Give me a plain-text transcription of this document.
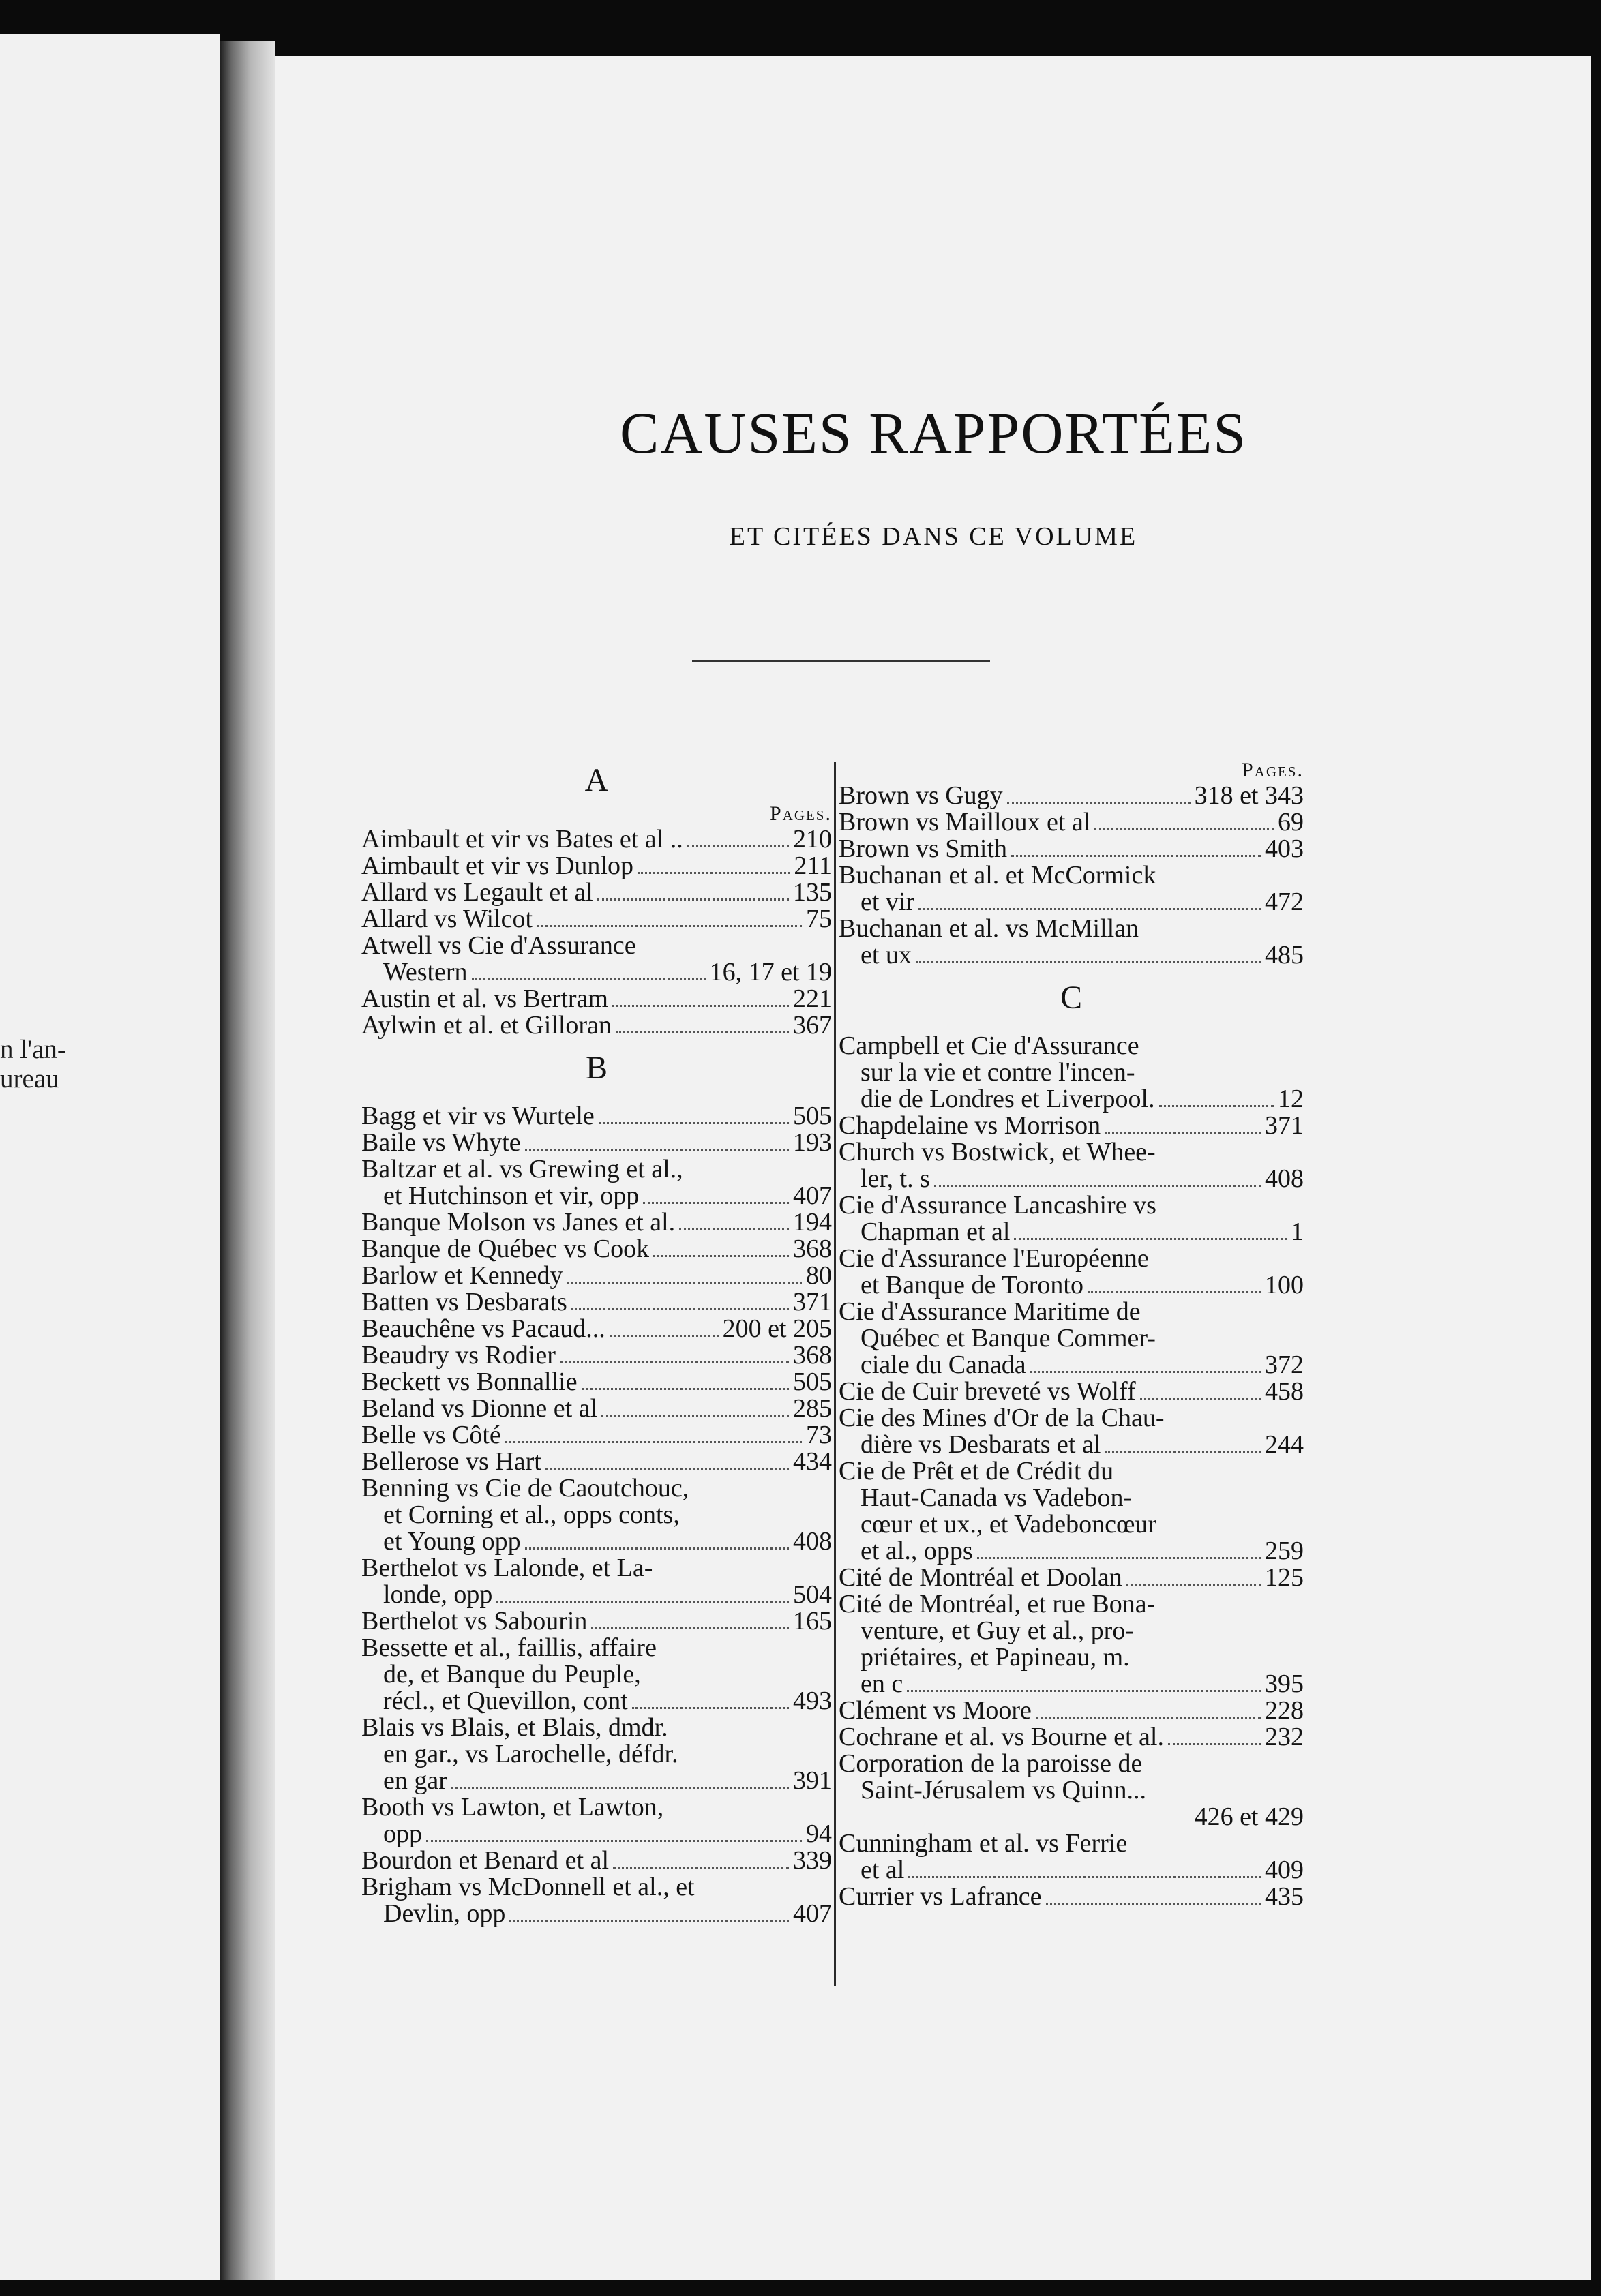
n l'an-
ureau
CAUSES RAPPORTÉES
ET CITÉES DANS CE VOLUME
A
Pages.
Aimbault et vir vs Bates et al ..	210
Aimbault et vir vs Dunlop	211
Allard vs Legault et al	135
Allard vs Wilcot	75
Atwell vs Cie d'Assurance
Western	16, 17 et 19
Austin et al. vs Bertram	221
Aylwin et al. et Gilloran	367
B
Bagg et vir vs Wurtele	505
Baile vs Whyte	193
Baltzar et al. vs Grewing et al.,
et Hutchinson et vir, opp	407
Banque Molson vs Janes et al.	194
Banque de Québec vs Cook	368
Barlow et Kennedy	80
Batten vs Desbarats	371
Beauchêne vs Pacaud...	200 et 205
Beaudry vs Rodier	368
Beckett vs Bonnallie	505
Beland vs Dionne et al	285
Belle vs Côté	73
Bellerose vs Hart	434
Benning vs Cie de Caoutchouc,
et Corning et al., opps conts,
et Young opp	408
Berthelot vs Lalonde, et La-
londe, opp	504
Berthelot vs Sabourin	165
Bessette et al., faillis, affaire
de, et Banque du Peuple,
récl., et Quevillon, cont	493
Blais vs Blais, et Blais, dmdr.
en gar., vs Larochelle, défdr.
en gar	391
Booth vs Lawton, et Lawton,
opp	94
Bourdon et Benard et al	339
Brigham vs McDonnell et al., et
Devlin, opp	407
Pages.
Brown vs Gugy	318 et 343
Brown vs Mailloux et al	69
Brown vs Smith	403
Buchanan et al. et McCormick
et vir	472
Buchanan et al. vs McMillan
et ux	485
C
Campbell et Cie d'Assurance
sur la vie et contre l'incen-
die de Londres et Liverpool.	12
Chapdelaine vs Morrison	371
Church vs Bostwick, et Whee-
ler, t. s	408
Cie d'Assurance Lancashire vs
Chapman et al	1
Cie d'Assurance l'Européenne
et Banque de Toronto	100
Cie d'Assurance Maritime de
Québec et Banque Commer-
ciale du Canada	372
Cie de Cuir breveté vs Wolff	458
Cie des Mines d'Or de la Chau-
dière vs Desbarats et al	244
Cie de Prêt et de Crédit du
Haut-Canada vs Vadebon-
cœur et ux., et Vadeboncœur
et al., opps	259
Cité de Montréal et Doolan	125
Cité de Montréal, et rue Bona-
venture, et Guy et al., pro-
priétaires, et Papineau, m.
en c	395
Clément vs Moore	228
Cochrane et al. vs Bourne et al.	232
Corporation de la paroisse de
Saint-Jérusalem vs Quinn...
426 et 429
Cunningham et al. vs Ferrie
et al	409
Currier vs Lafrance	435
